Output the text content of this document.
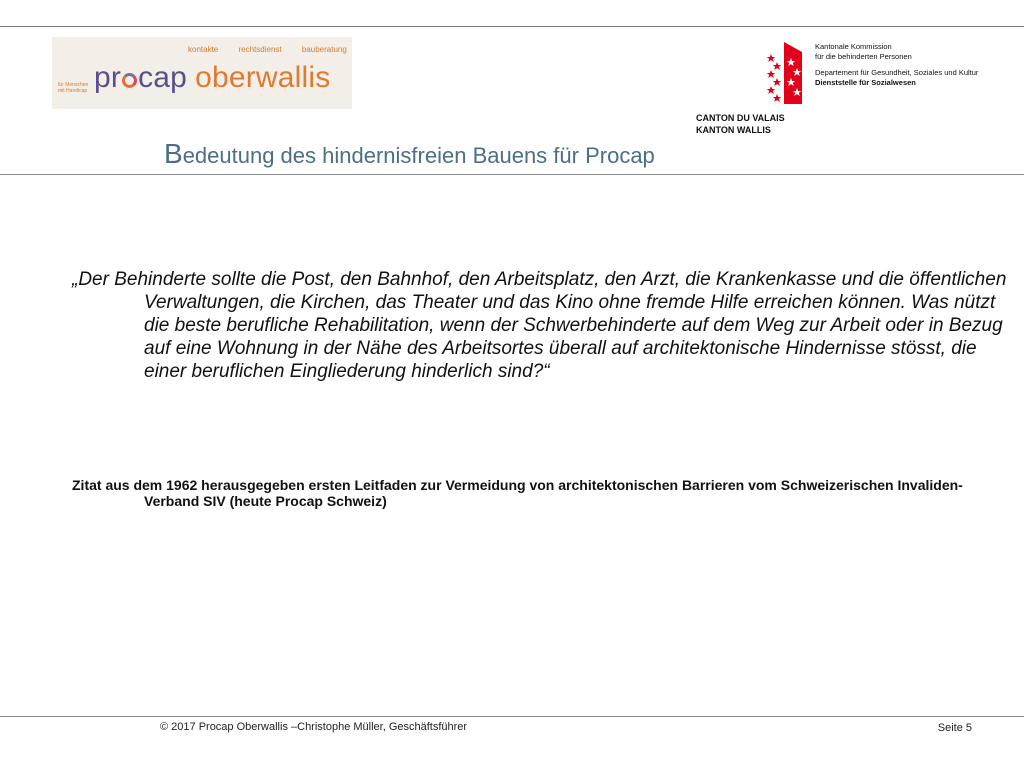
kontakte	rechtsdienst	bauberatung
für Menschen
mit Handicap pr cap oberwallis
CANTON DU VALAIS
KANTON WALLIS
Kantonale Kommission
für die behinderten Personen
Departement für Gesundheit, Soziales und Kultur
Dienststelle für Sozialwesen
Bedeutung des hindernisfreien Bauens für Procap

„Der Behinderte sollte die Post, den Bahnhof, den Arbeitsplatz, den Arzt, die Krankenkasse und die öffentlichen Verwaltungen, die Kirchen, das Theater und das Kino ohne fremde Hilfe erreichen können. Was nützt die beste berufliche Rehabilitation, wenn der Schwerbehinderte auf dem Weg zur Arbeit oder in Bezug auf eine Wohnung in der Nähe des Arbeitsortes überall auf architektonische Hindernisse stösst, die einer beruflichen Eingliederung hinderlich sind?“

Zitat aus dem 1962 herausgegeben ersten Leitfaden zur Vermeidung von architektonischen Barrieren vom Schweizerischen Invaliden-Verband SIV (heute Procap Schweiz)

© 2017 Procap Oberwallis –Christophe Müller, Geschäftsführer	Seite 5
